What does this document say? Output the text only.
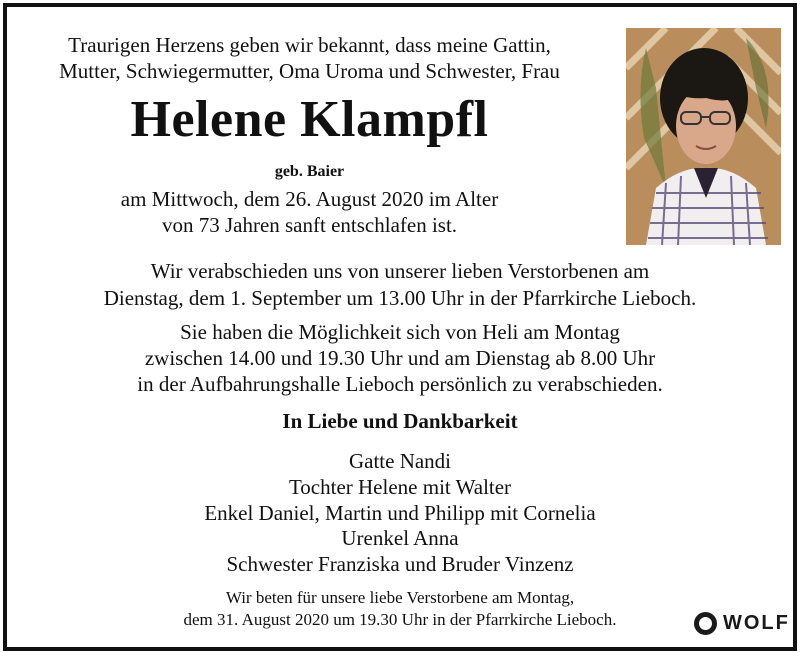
Traurigen Herzens geben wir bekannt, dass meine Gattin,
Mutter, Schwiegermutter, Oma Uroma und Schwester, Frau
Helene Klampfl
geb. Baier
am Mittwoch, dem 26. August 2020 im Alter
von 73 Jahren sanft entschlafen ist.
Wir verabschieden uns von unserer lieben Verstorbenen am
Dienstag, dem 1. September um 13.00 Uhr in der Pfarrkirche Lieboch.
Sie haben die Möglichkeit sich von Heli am Montag
zwischen 14.00 und 19.30 Uhr und am Dienstag ab 8.00 Uhr
in der Aufbahrungshalle Lieboch persönlich zu verabschieden.
In Liebe und Dankbarkeit
Gatte Nandi
Tochter Helene mit Walter
Enkel Daniel, Martin und Philipp mit Cornelia
Urenkel Anna
Schwester Franziska und Bruder Vinzenz
Wir beten für unsere liebe Verstorbene am Montag,
dem 31. August 2020 um 19.30 Uhr in der Pfarrkirche Lieboch.	WOLF
